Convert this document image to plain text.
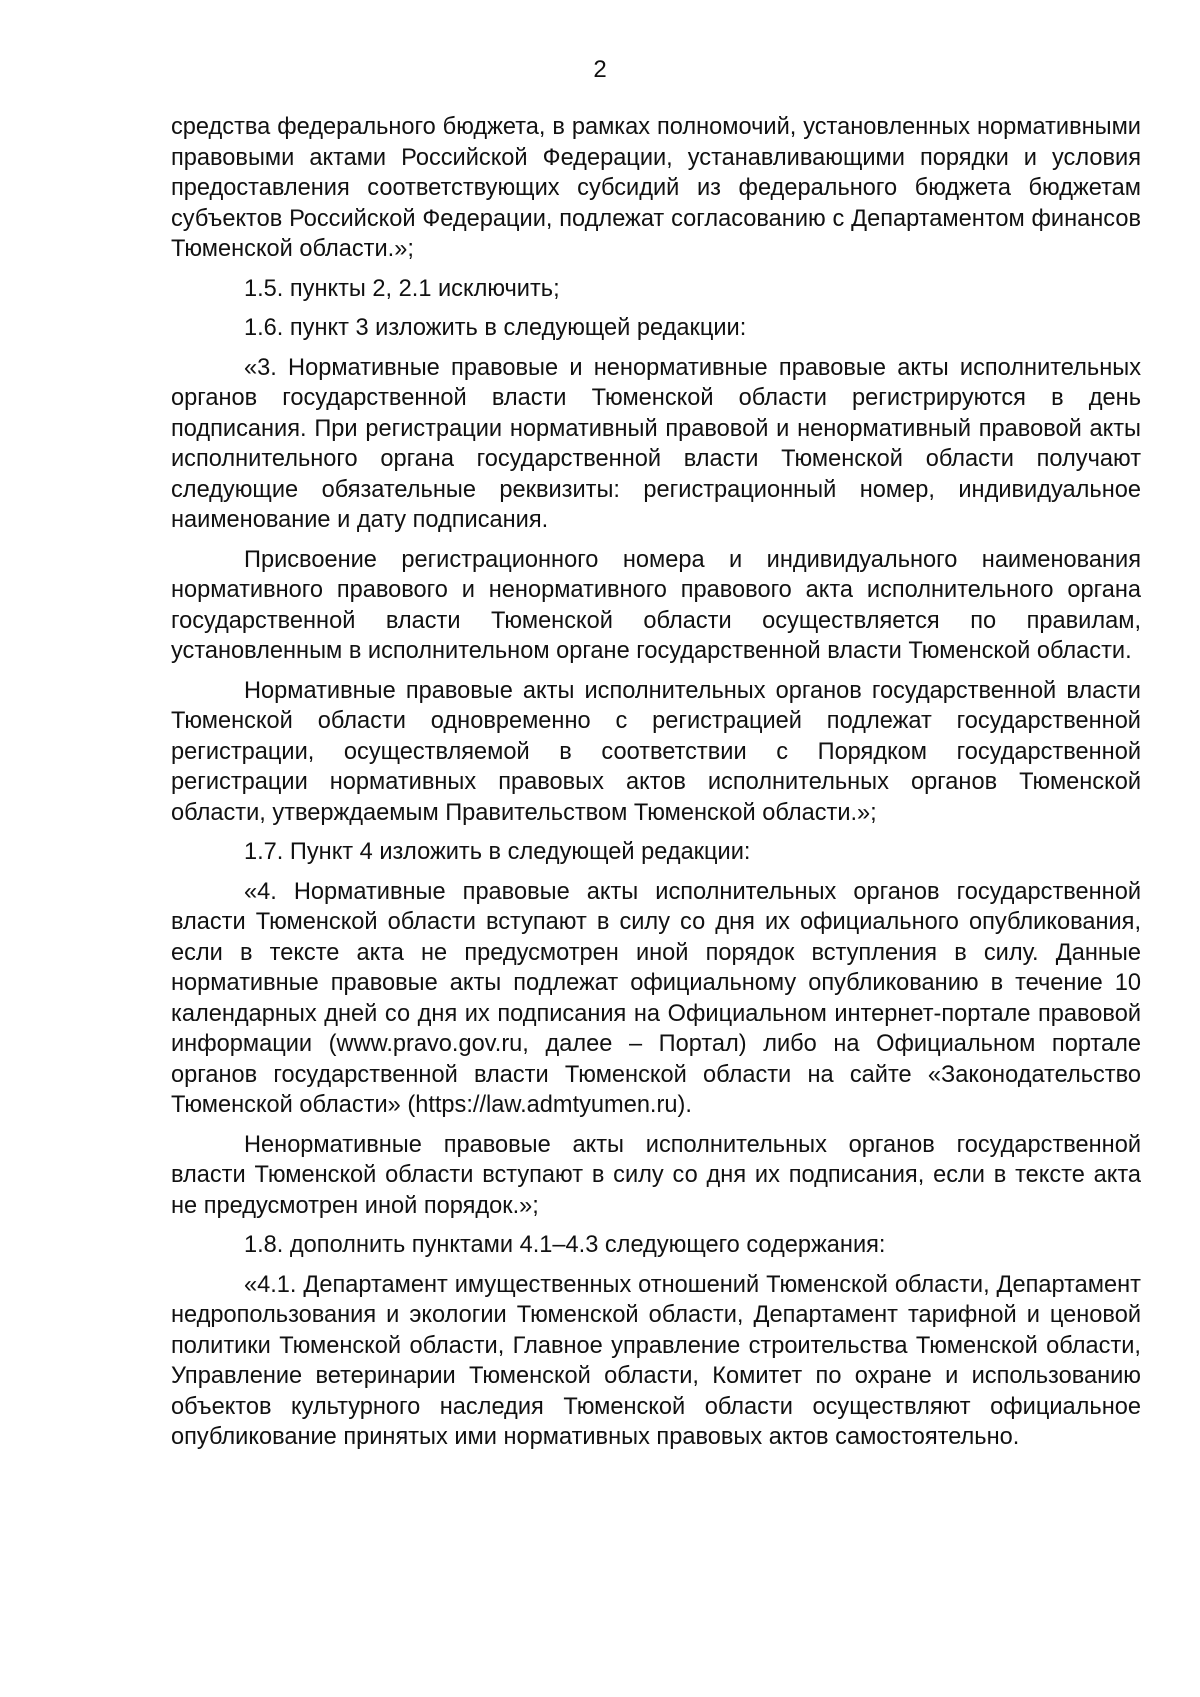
2

средства федерального бюджета, в рамках полномочий, установленных нормативными правовыми актами Российской Федерации, устанавливающими порядки и условия предоставления соответствующих субсидий из федерального бюджета бюджетам субъектов Российской Федерации, подлежат согласованию с Департаментом финансов Тюменской области.»;

1.5. пункты 2, 2.1 исключить;

1.6. пункт 3 изложить в следующей редакции:

«3. Нормативные правовые и ненормативные правовые акты исполнительных органов государственной власти Тюменской области регистрируются в день подписания. При регистрации нормативный правовой и ненормативный правовой акты исполнительного органа государственной власти Тюменской области получают следующие обязательные реквизиты: регистрационный номер, индивидуальное наименование и дату подписания.

Присвоение регистрационного номера и индивидуального наименования нормативного правового и ненормативного правового акта исполнительного органа государственной власти Тюменской области осуществляется по правилам, установленным в исполнительном органе государственной власти Тюменской области.

Нормативные правовые акты исполнительных органов государственной власти Тюменской области одновременно с регистрацией подлежат государственной регистрации, осуществляемой в соответствии с Порядком государственной регистрации нормативных правовых актов исполнительных органов Тюменской области, утверждаемым Правительством Тюменской области.»;

1.7. Пункт 4 изложить в следующей редакции:

«4. Нормативные правовые акты исполнительных органов государственной власти Тюменской области вступают в силу со дня их официального опубликования, если в тексте акта не предусмотрен иной порядок вступления в силу. Данные нормативные правовые акты подлежат официальному опубликованию в течение 10 календарных дней со дня их подписания на Официальном интернет-портале правовой информации (www.pravo.gov.ru, далее – Портал) либо на Официальном портале органов государственной власти Тюменской области на сайте «Законодательство Тюменской области» (https://law.admtyumen.ru).

Ненормативные правовые акты исполнительных органов государственной власти Тюменской области вступают в силу со дня их подписания, если в тексте акта не предусмотрен иной порядок.»;

1.8. дополнить пунктами 4.1–4.3 следующего содержания:

«4.1. Департамент имущественных отношений Тюменской области, Департамент недропользования и экологии Тюменской области, Департамент тарифной и ценовой политики Тюменской области, Главное управление строительства Тюменской области, Управление ветеринарии Тюменской области, Комитет по охране и использованию объектов культурного наследия Тюменской области осуществляют официальное опубликование принятых ими нормативных правовых актов самостоятельно.
